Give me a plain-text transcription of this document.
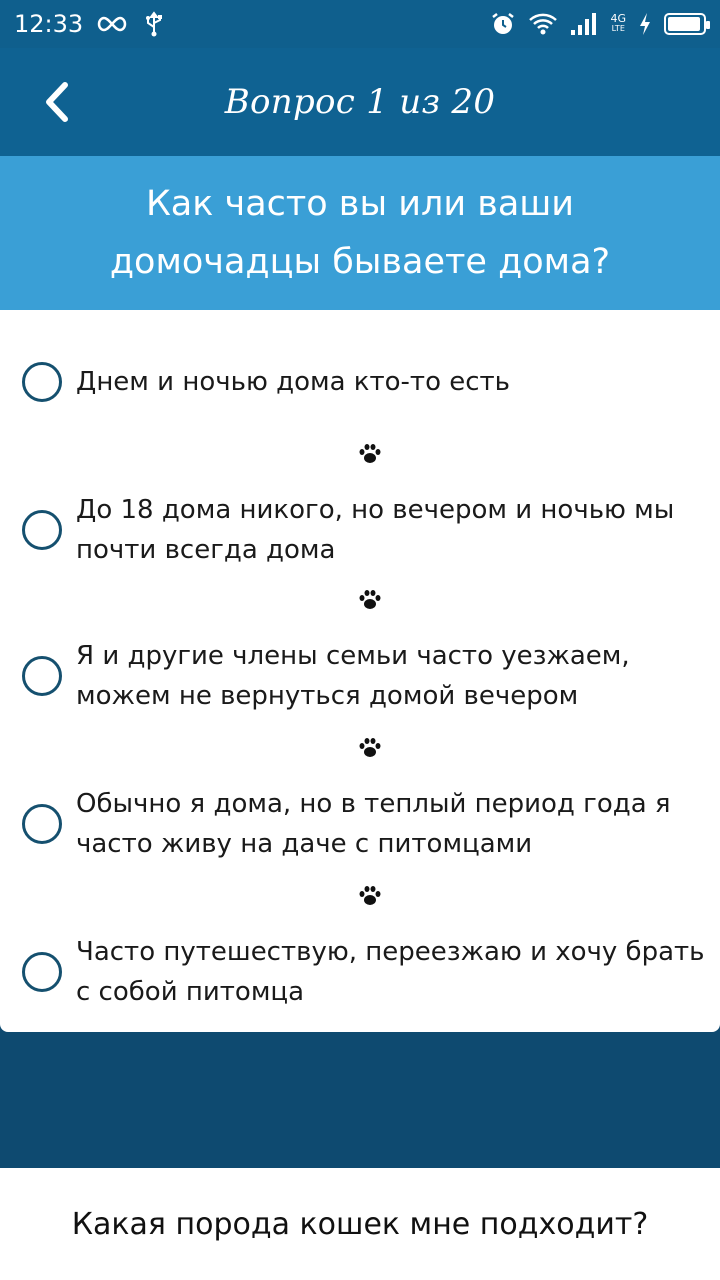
12:33	4G
LTE
Вопрос 1 из 20
Как часто вы или ваши домочадцы бываете дома?
Днем и ночью дома кто-то есть
До 18 дома никого, но вечером и ночью мы почти всегда дома
Я и другие члены семьи часто уезжаем, можем не вернуться домой вечером
Обычно я дома, но в теплый период года я часто живу на даче с питомцами
Часто путешествую, переезжаю и хочу брать с собой питомца
Какая порода кошек мне подходит?
